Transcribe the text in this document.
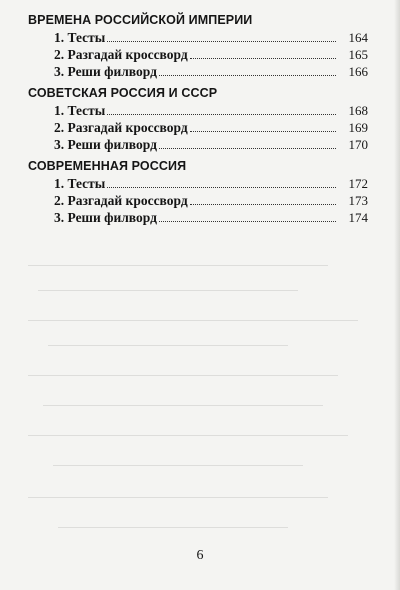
ВРЕМЕНА РОССИЙСКОЙ ИМПЕРИИ
1. Тесты	164
2. Разгадай кроссворд	165
3. Реши филворд	166
СОВЕТСКАЯ РОССИЯ И СССР
1. Тесты	168
2. Разгадай кроссворд	169
3. Реши филворд	170
СОВРЕМЕННАЯ РОССИЯ
1. Тесты	172
2. Разгадай кроссворд	173
3. Реши филворд	174
6
